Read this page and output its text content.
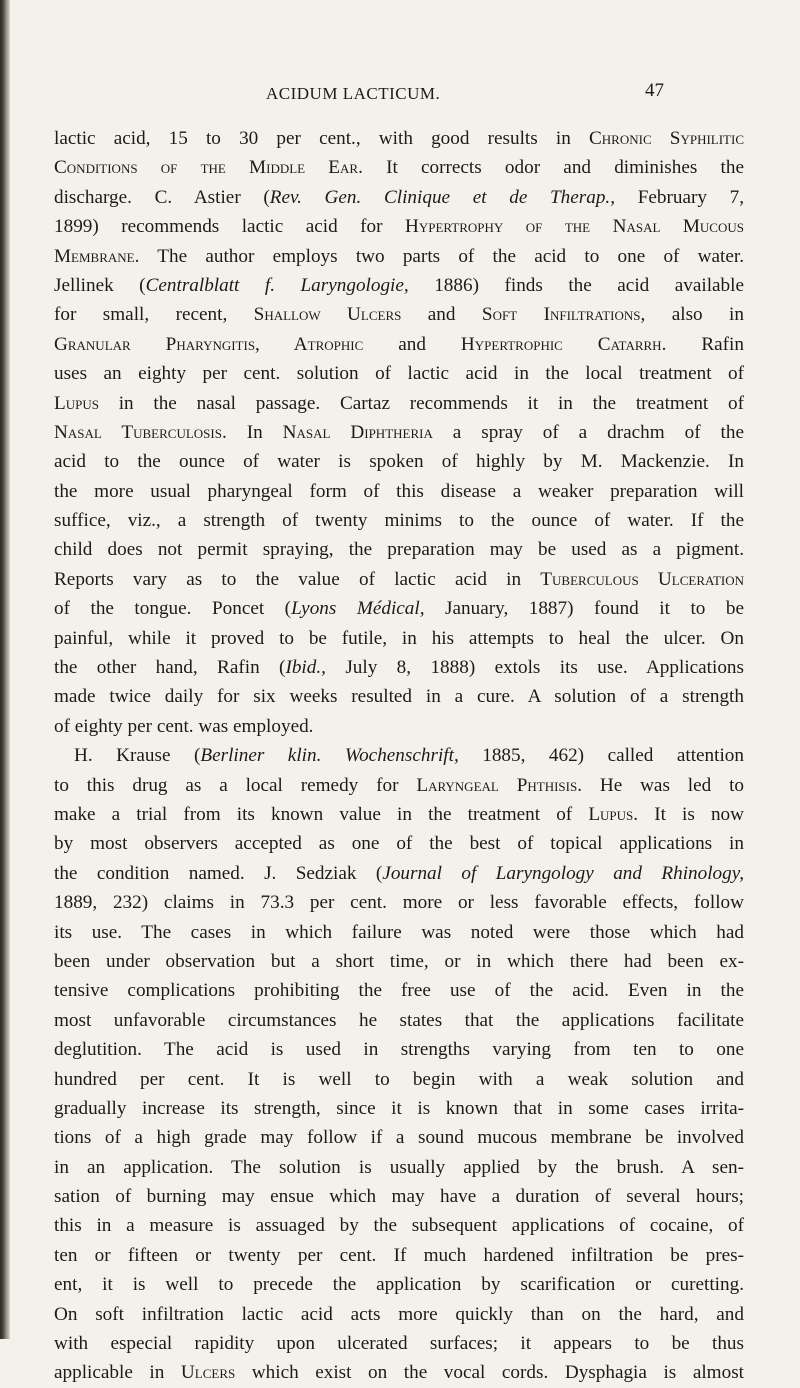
ACIDUM LACTICUM.	47
lactic acid, 15 to 30 per cent., with good results in Chronic Syphilitic
Conditions of the Middle Ear. It corrects odor and diminishes the
discharge. C. Astier (Rev. Gen. Clinique et de Therap., February 7,
1899) recommends lactic acid for Hypertrophy of the Nasal Mucous
Membrane. The author employs two parts of the acid to one of water.
Jellinek (Centralblatt f. Laryngologie, 1886) finds the acid available
for small, recent, Shallow Ulcers and Soft Infiltrations, also in
Granular Pharyngitis, Atrophic and Hypertrophic Catarrh. Rafin
uses an eighty per cent. solution of lactic acid in the local treatment of
Lupus in the nasal passage. Cartaz recommends it in the treatment of
Nasal Tuberculosis. In Nasal Diphtheria a spray of a drachm of the
acid to the ounce of water is spoken of highly by M. Mackenzie. In
the more usual pharyngeal form of this disease a weaker preparation will
suffice, viz., a strength of twenty minims to the ounce of water. If the
child does not permit spraying, the preparation may be used as a pigment.
Reports vary as to the value of lactic acid in Tuberculous Ulceration
of the tongue. Poncet (Lyons Médical, January, 1887) found it to be
painful, while it proved to be futile, in his attempts to heal the ulcer. On
the other hand, Rafin (Ibid., July 8, 1888) extols its use. Applications
made twice daily for six weeks resulted in a cure. A solution of a strength
of eighty per cent. was employed.
H. Krause (Berliner klin. Wochenschrift, 1885, 462) called attention
to this drug as a local remedy for Laryngeal Phthisis. He was led to
make a trial from its known value in the treatment of Lupus. It is now
by most observers accepted as one of the best of topical applications in
the condition named. J. Sedziak (Journal of Laryngology and Rhinology,
1889, 232) claims in 73.3 per cent. more or less favorable effects, follow
its use. The cases in which failure was noted were those which had
been under observation but a short time, or in which there had been ex-
tensive complications prohibiting the free use of the acid. Even in the
most unfavorable circumstances he states that the applications facilitate
deglutition. The acid is used in strengths varying from ten to one
hundred per cent. It is well to begin with a weak solution and
gradually increase its strength, since it is known that in some cases irrita-
tions of a high grade may follow if a sound mucous membrane be involved
in an application. The solution is usually applied by the brush. A sen-
sation of burning may ensue which may have a duration of several hours;
this in a measure is assuaged by the subsequent applications of cocaine, of
ten or fifteen or twenty per cent. If much hardened infiltration be pres-
ent, it is well to precede the application by scarification or curetting.
On soft infiltration lactic acid acts more quickly than on the hard, and
with especial rapidity upon ulcerated surfaces; it appears to be thus
applicable in Ulcers which exist on the vocal cords. Dysphagia is almost
